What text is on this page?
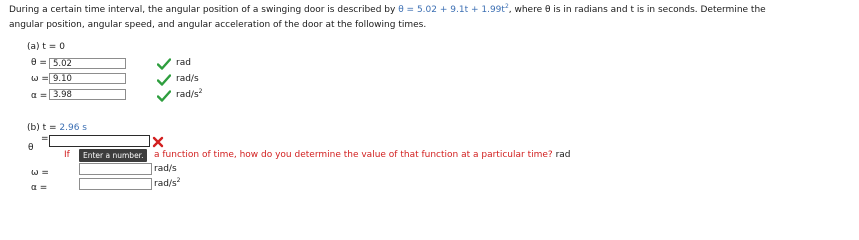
During a certain time interval, the angular position of a swinging door is described by $\theta = 5.02 + 9.1t + 1.99t^2$, where θ is in radians and t is in seconds. Determine the
angular position, angular speed, and angular acceleration of the door at the following times.
(a) t = 0
θ = 5.02	rad
ω = 9.10	rad/s
α = 3.98	rad/$s^2$
(b) t = 2.96 s
=
θ
If	Enter a number.	a function of time, how do you determine the value of that function at a particular time? rad
ω =	rad/s
α =	rad/$s^2$
